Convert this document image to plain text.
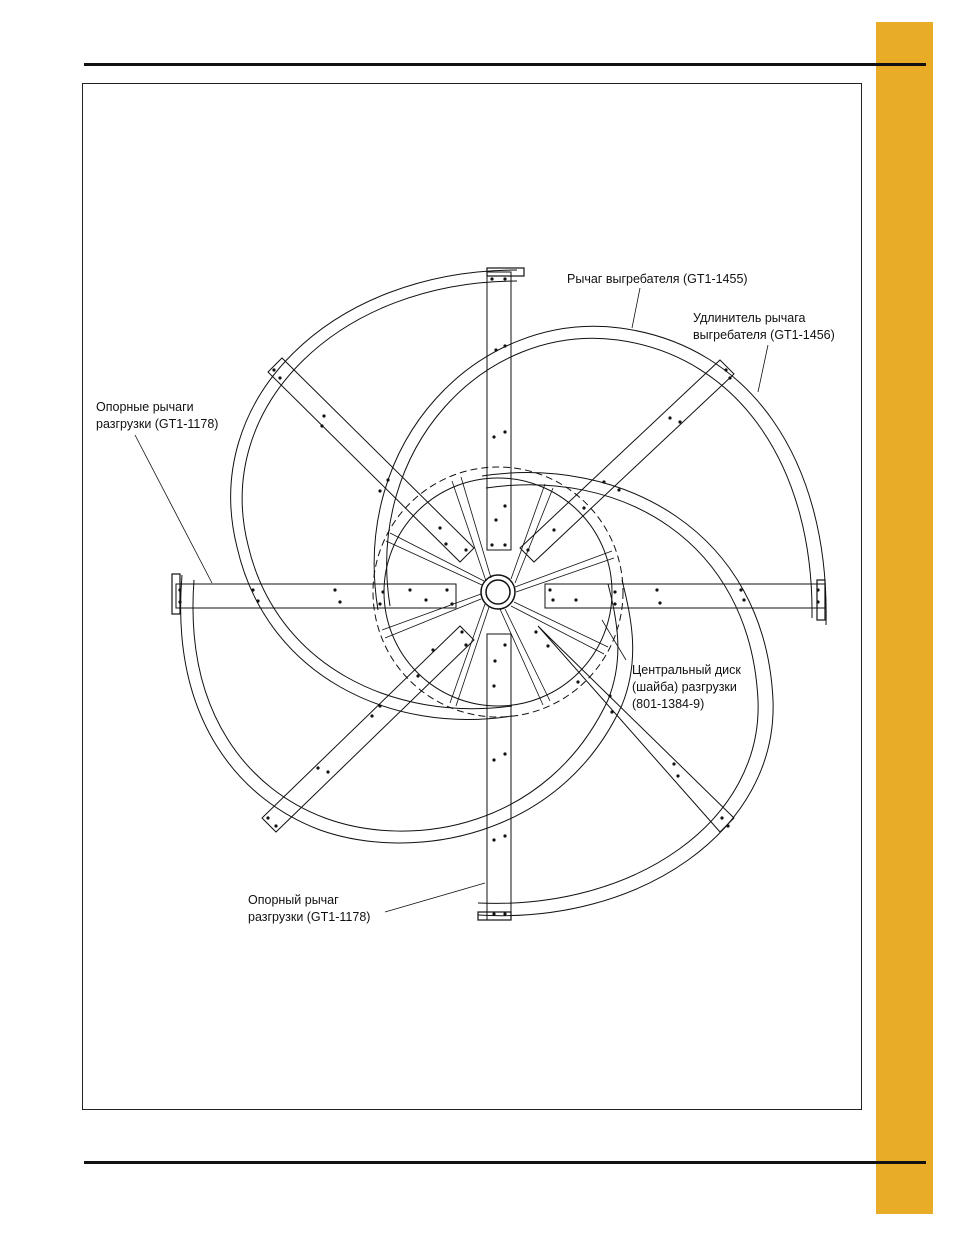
Рычаг выгребателя (GT1-1455)
Удлинитель рычага
выгребателя (GT1-1456)
Опорные рычаги
разгрузки (GT1-1178)
Центральный диск
(шайба) разгрузки
(801-1384-9)
Опорный рычаг
разгрузки (GT1-1178)
